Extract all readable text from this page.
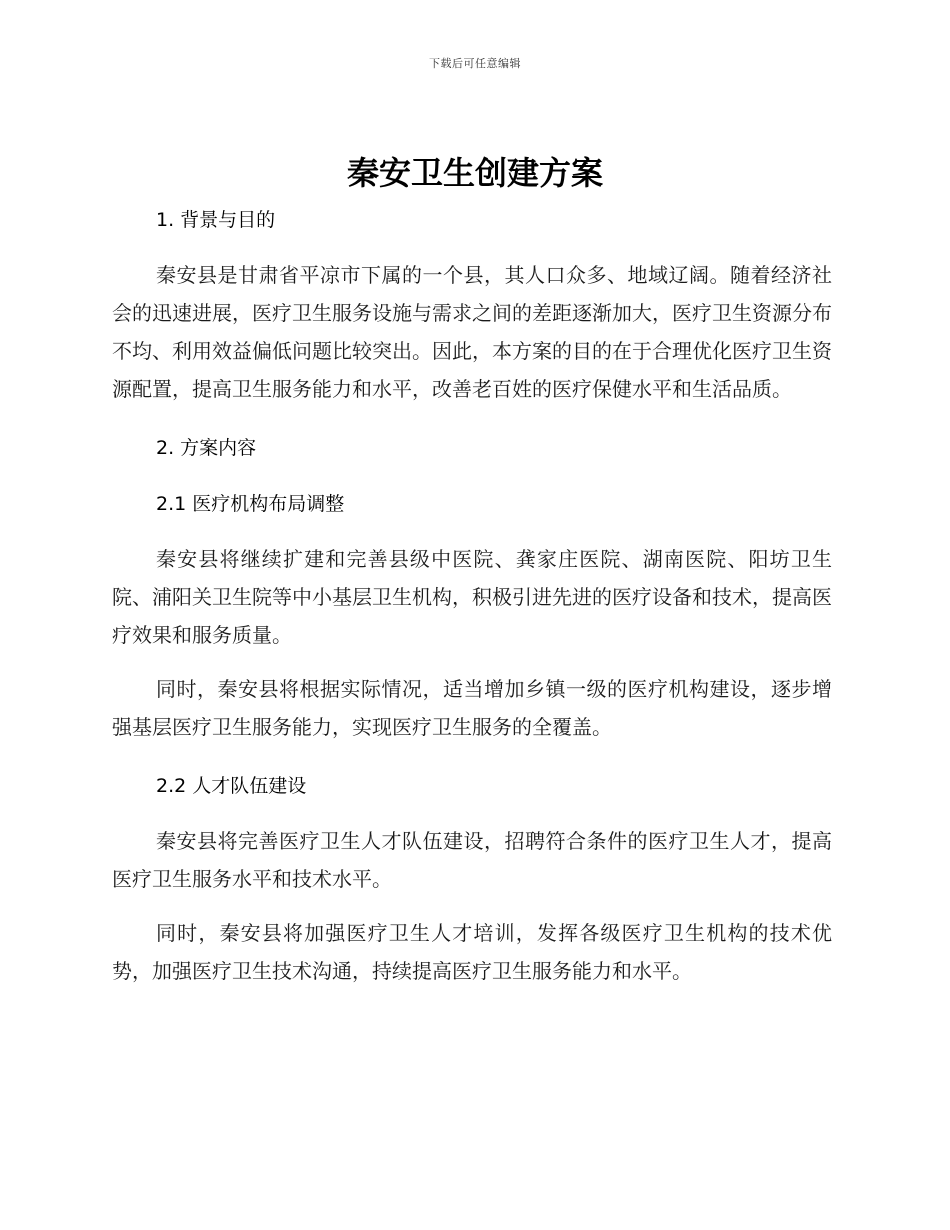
下载后可任意编辑
秦安卫生创建方案
1. 背景与目的

秦安县是甘肃省平凉市下属的一个县，其人口众多、地域辽阔。随着经济社会的迅速进展，医疗卫生服务设施与需求之间的差距逐渐加大，医疗卫生资源分布不均、利用效益偏低问题比较突出。因此，本方案的目的在于合理优化医疗卫生资源配置，提高卫生服务能力和水平，改善老百姓的医疗保健水平和生活品质。

2. 方案内容
2.1 医疗机构布局调整

秦安县将继续扩建和完善县级中医院、龚家庄医院、湖南医院、阳坊卫生院、浦阳关卫生院等中小基层卫生机构，积极引进先进的医疗设备和技术，提高医疗效果和服务质量。

同时，秦安县将根据实际情况，适当增加乡镇一级的医疗机构建设，逐步增强基层医疗卫生服务能力，实现医疗卫生服务的全覆盖。

2.2 人才队伍建设

秦安县将完善医疗卫生人才队伍建设，招聘符合条件的医疗卫生人才，提高医疗卫生服务水平和技术水平。

同时，秦安县将加强医疗卫生人才培训，发挥各级医疗卫生机构的技术优势，加强医疗卫生技术沟通，持续提高医疗卫生服务能力和水平。
